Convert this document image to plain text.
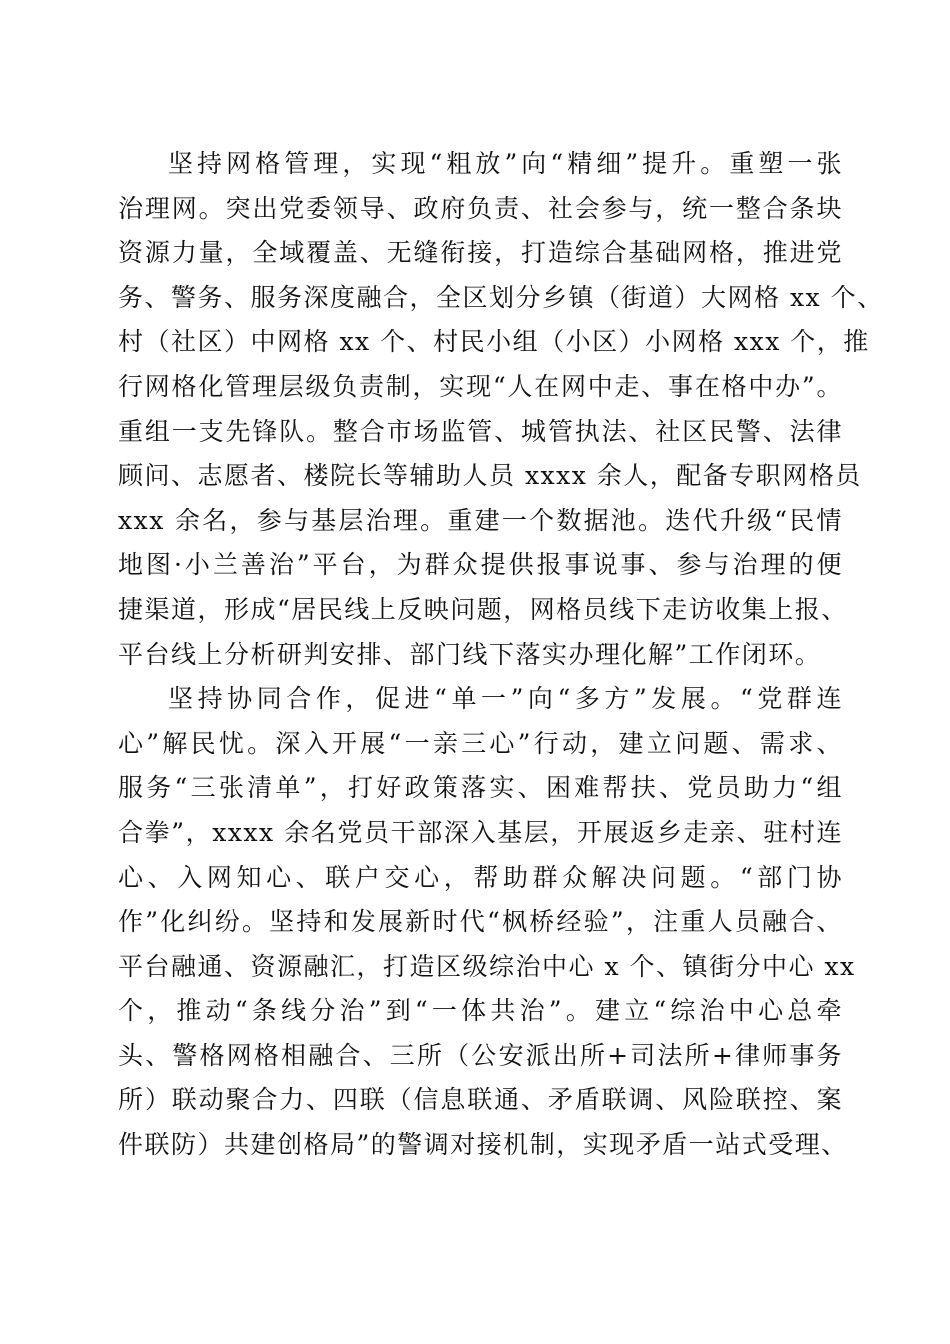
坚持网格管理，实现“粗放”向“精细”提升。重塑一张
治理网。突出党委领导、政府负责、社会参与，统一整合条块
资源力量，全域覆盖、无缝衔接，打造综合基础网格，推进党
务、警务、服务深度融合，全区划分乡镇（街道）大网格 xx 个、
村（社区）中网格 xx 个、村民小组（小区）小网格 xxx 个，推
行网格化管理层级负责制，实现“人在网中走、事在格中办”。
重组一支先锋队。整合市场监管、城管执法、社区民警、法律
顾问、志愿者、楼院长等辅助人员 xxxx 余人，配备专职网格员
xxx 余名，参与基层治理。重建一个数据池。迭代升级“民情
地图·小兰善治”平台，为群众提供报事说事、参与治理的便
捷渠道，形成“居民线上反映问题，网格员线下走访收集上报、
平台线上分析研判安排、部门线下落实办理化解”工作闭环。
坚持协同合作，促进“单一”向“多方”发展。“党群连
心”解民忧。深入开展“一亲三心”行动，建立问题、需求、
服务“三张清单”，打好政策落实、困难帮扶、党员助力“组
合拳”，xxxx 余名党员干部深入基层，开展返乡走亲、驻村连
心、入网知心、联户交心，帮助群众解决问题。“部门协
作”化纠纷。坚持和发展新时代“枫桥经验”，注重人员融合、
平台融通、资源融汇，打造区级综治中心 x 个、镇街分中心 xx
个，推动“条线分治”到“一体共治”。建立“综治中心总牵
头、警格网格相融合、三所（公安派出所+司法所+律师事务
所）联动聚合力、四联（信息联通、矛盾联调、风险联控、案
件联防）共建创格局”的警调对接机制，实现矛盾一站式受理、
